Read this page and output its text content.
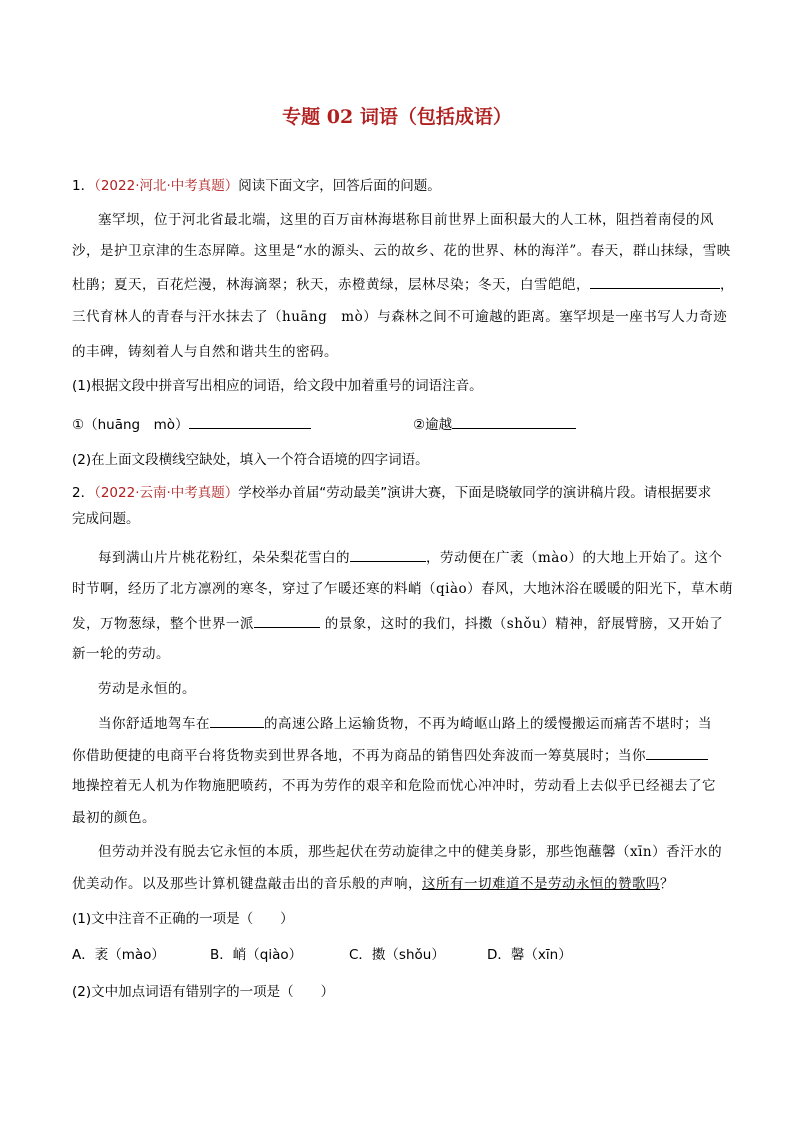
专题 02 词语（包括成语）
1．（2022·河北·中考真题）阅读下面文字，回答后面的问题。
塞罕坝，位于河北省最北端，这里的百万亩林海堪称目前世界上面积最大的人工林，阻挡着南侵的风
沙，是护卫京津的生态屏障。这里是“水的源头、云的故乡、花的世界、林的海洋”。春天，群山抹绿，雪映
杜鹃；夏天，百花烂漫，林海滴翠；秋天，赤橙黄绿，层林尽染；冬天，白雪皑皑，	，
三代育林人的青春与汗水抹去了（huāng　mò）与森林之间不可逾越的距离。塞罕坝是一座书写人力奇迹
的丰碑，铸刻着人与自然和谐共生的密码。
(1)根据文段中拼音写出相应的词语，给文段中加着重号的词语注音。
①（huāng　mò）	②逾越
(2)在上面文段横线空缺处，填入一个符合语境的四字词语。
2．（2022·云南·中考真题）学校举办首届“劳动最美”演讲大赛，下面是晓敏同学的演讲稿片段。请根据要求
完成问题。
每到满山片片桃花粉红，朵朵梨花雪白的	，劳动便在广袤（mào）的大地上开始了。这个
时节啊，经历了北方凛冽的寒冬，穿过了乍暖还寒的料峭（qiào）春风，大地沐浴在暖暖的阳光下，草木萌
发，万物葱绿，整个世界一派	的景象，这时的我们，抖擞（shǒu）精神，舒展臂膀，又开始了
新一轮的劳动。
劳动是永恒的。
当你舒适地驾车在	的高速公路上运输货物，不再为崎岖山路上的缓慢搬运而痛苦不堪时；当
你借助便捷的电商平台将货物卖到世界各地，不再为商品的销售四处奔波而一筹莫展时；当你
地操控着无人机为作物施肥喷药，不再为劳作的艰辛和危险而忧心冲冲时，劳动看上去似乎已经褪去了它
最初的颜色。
但劳动并没有脱去它永恒的本质，那些起伏在劳动旋律之中的健美身影，那些饱蘸馨（xīn）香汗水的
优美动作。以及那些计算机键盘敲击出的音乐般的声响，这所有一切难道不是劳动永恒的赞歌吗？
(1)文中注音不正确的一项是（　　）
A．袤（mào）	B．峭（qiào）	C．擞（shǒu）	D．馨（xīn）
(2)文中加点词语有错别字的一项是（　　）
